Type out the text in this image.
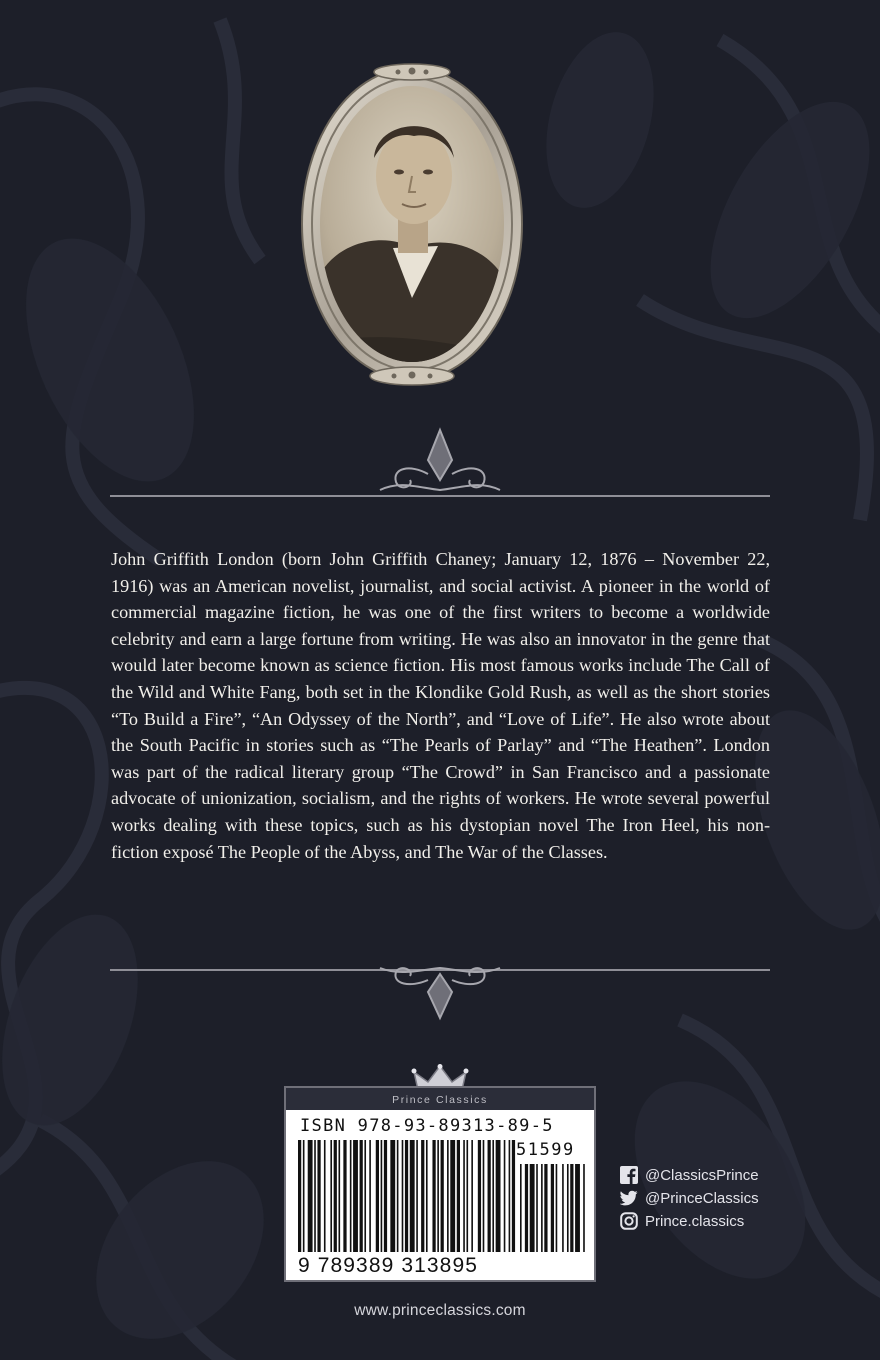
John Griffith London (born John Griffith Chaney; January 12, 1876 – November 22, 1916) was an American novelist, journalist, and social activist. A pioneer in the world of commercial magazine fiction, he was one of the first writers to become a worldwide celebrity and earn a large fortune from writing. He was also an innovator in the genre that would later become known as science fiction. His most famous works include The Call of the Wild and White Fang, both set in the Klondike Gold Rush, as well as the short stories “To Build a Fire”, “An Odyssey of the North”, and “Love of Life”. He also wrote about the South Pacific in stories such as “The Pearls of Parlay” and “The Heathen”. London was part of the radical literary group “The Crowd” in San Francisco and a passionate advocate of unionization, socialism, and the rights of workers. He wrote several powerful works dealing with these topics, such as his dystopian novel The Iron Heel, his non-fiction exposé The People of the Abyss, and The War of the Classes.

Prince Classics
ISBN 978-93-89313-89-5
51599
9 789389 313895
@ClassicsPrince
@PrinceClassics
Prince.classics
www.princeclassics.com
